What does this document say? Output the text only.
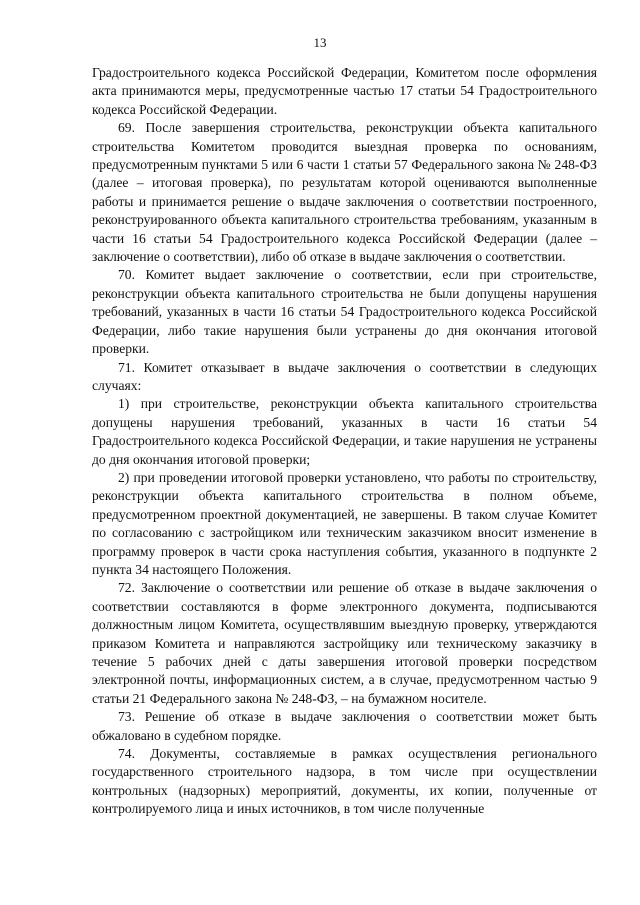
13

Градостроительного кодекса Российской Федерации, Комитетом после оформления акта принимаются меры, предусмотренные частью 17 статьи 54 Градостроительного кодекса Российской Федерации.

69. После завершения строительства, реконструкции объекта капитального строительства Комитетом проводится выездная проверка по основаниям, предусмотренным пунктами 5 или 6 части 1 статьи 57 Федерального закона № 248-ФЗ (далее – итоговая проверка), по результатам которой оцениваются выполненные работы и принимается решение о выдаче заключения о соответствии построенного, реконструированного объекта капитального строительства требованиям, указанным в части 16 статьи 54 Градостроительного кодекса Российской Федерации (далее – заключение о соответствии), либо об отказе в выдаче заключения о соответствии.

70. Комитет выдает заключение о соответствии, если при строительстве, реконструкции объекта капитального строительства не были допущены нарушения требований, указанных в части 16 статьи 54 Градостроительного кодекса Российской Федерации, либо такие нарушения были устранены до дня окончания итоговой проверки.

71. Комитет отказывает в выдаче заключения о соответствии в следующих случаях:

1) при строительстве, реконструкции объекта капитального строительства допущены нарушения требований, указанных в части 16 статьи 54 Градостроительного кодекса Российской Федерации, и такие нарушения не устранены до дня окончания итоговой проверки;

2) при проведении итоговой проверки установлено, что работы по строительству, реконструкции объекта капитального строительства в полном объеме, предусмотренном проектной документацией, не завершены. В таком случае Комитет по согласованию с застройщиком или техническим заказчиком вносит изменение в программу проверок в части срока наступления события, указанного в подпункте 2 пункта 34 настоящего Положения.

72. Заключение о соответствии или решение об отказе в выдаче заключения о соответствии составляются в форме электронного документа, подписываются должностным лицом Комитета, осуществлявшим выездную проверку, утверждаются приказом Комитета и направляются застройщику или техническому заказчику в течение 5 рабочих дней с даты завершения итоговой проверки посредством электронной почты, информационных систем, а в случае, предусмотренном частью 9 статьи 21 Федерального закона № 248-ФЗ, – на бумажном носителе.

73. Решение об отказе в выдаче заключения о соответствии может быть обжаловано в судебном порядке.

74. Документы, составляемые в рамках осуществления регионального государственного строительного надзора, в том числе при осуществлении контрольных (надзорных) мероприятий, документы, их копии, полученные от контролируемого лица и иных источников, в том числе полученные
